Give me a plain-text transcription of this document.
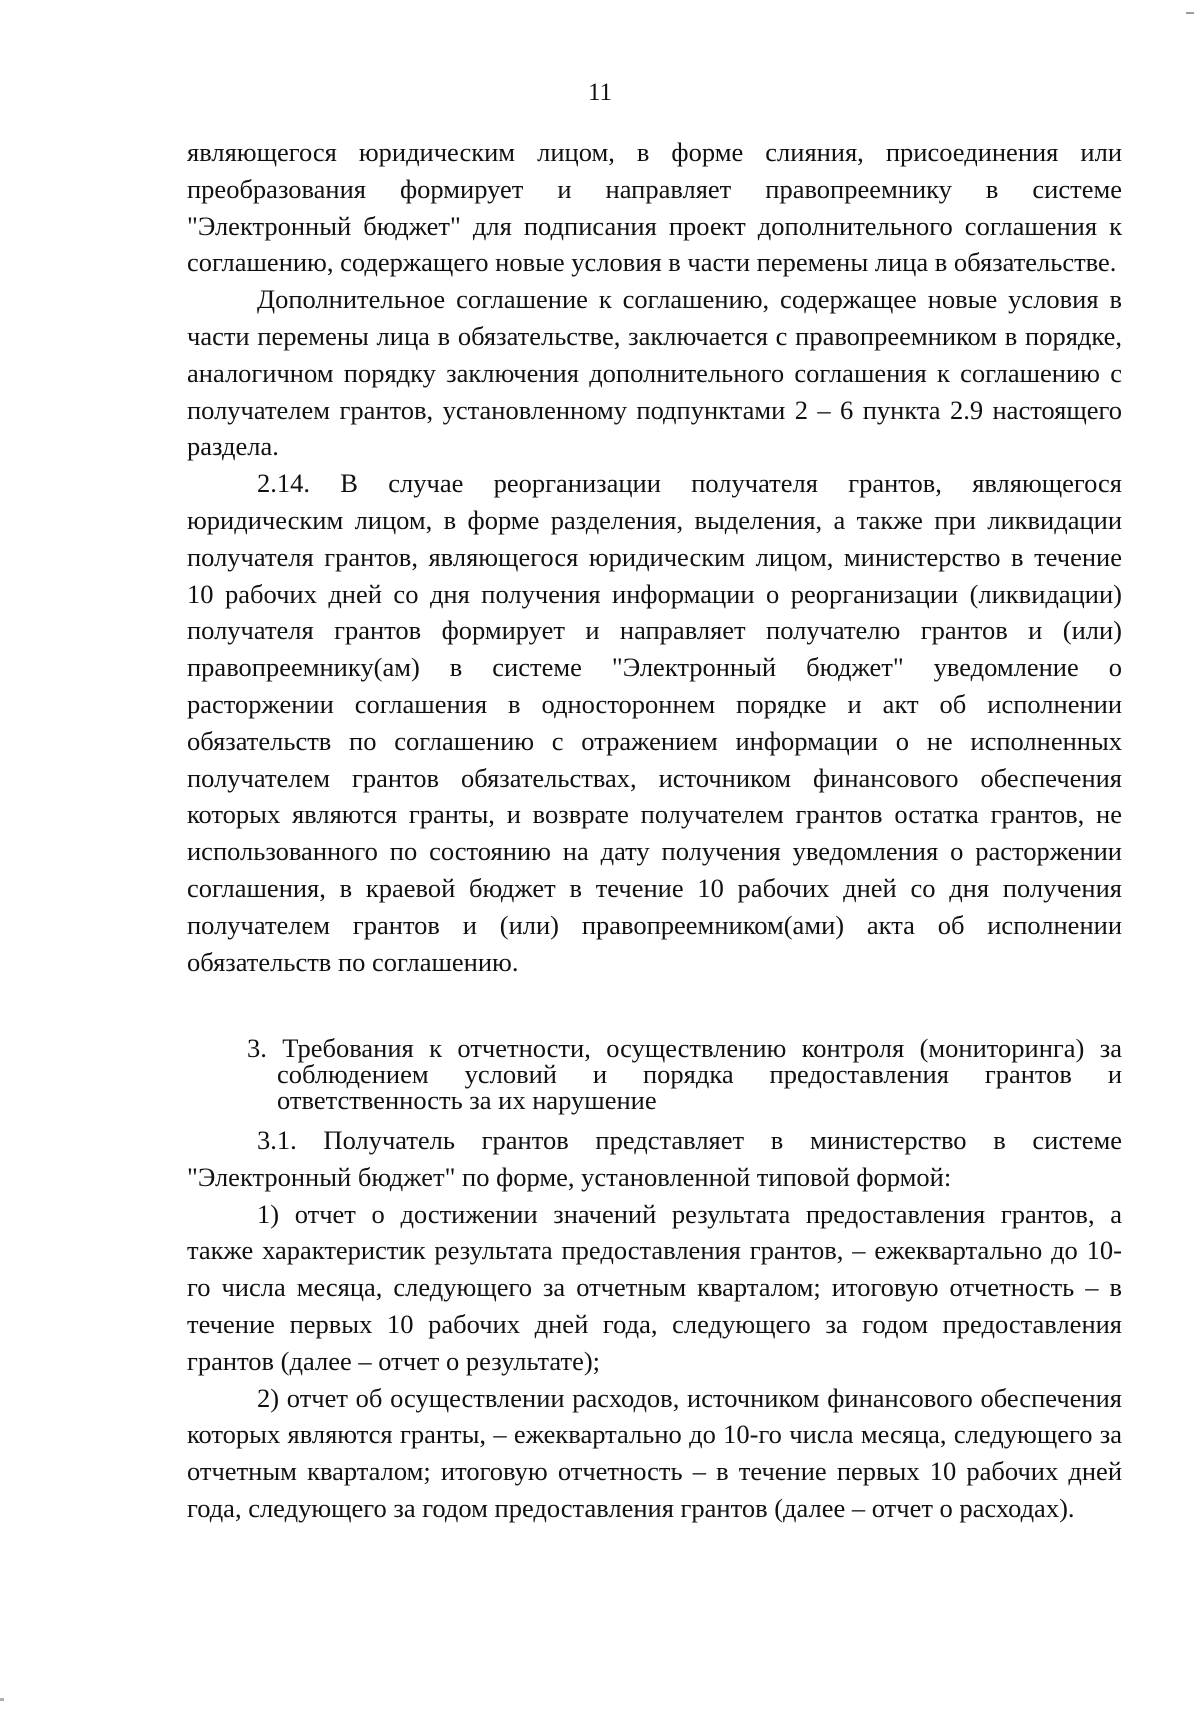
11

являющегося юридическим лицом, в форме слияния, присоединения или преобразования формирует и направляет правопреемнику в системе "Электронный бюджет" для подписания проект дополнительного соглашения к соглашению, содержащего новые условия в части перемены лица в обязательстве.

Дополнительное соглашение к соглашению, содержащее новые условия в части перемены лица в обязательстве, заключается с правопреемником в порядке, аналогичном порядку заключения дополнительного соглашения к соглашению с получателем грантов, установленному подпунктами 2 – 6 пункта 2.9 настоящего раздела.

2.14. В случае реорганизации получателя грантов, являющегося юридическим лицом, в форме разделения, выделения, а также при ликвидации получателя грантов, являющегося юридическим лицом, министерство в течение 10 рабочих дней со дня получения информации о реорганизации (ликвидации) получателя грантов формирует и направляет получателю грантов и (или) правопреемнику(ам) в системе "Электронный бюджет" уведомление о расторжении соглашения в одностороннем порядке и акт об исполнении обязательств по соглашению с отражением информации о не исполненных получателем грантов обязательствах, источником финансового обеспечения которых являются гранты, и возврате получателем грантов остатка грантов, не использованного по состоянию на дату получения уведомления о расторжении соглашения, в краевой бюджет в течение 10 рабочих дней со дня получения получателем грантов и (или) правопреемником(ами) акта об исполнении обязательств по соглашению.

3. Требования к отчетности, осуществлению контроля (мониторинга) за соблюдением условий и порядка предоставления грантов и ответственность за их нарушение

3.1. Получатель грантов представляет в министерство в системе "Электронный бюджет" по форме, установленной типовой формой:

1) отчет о достижении значений результата предоставления грантов, а также характеристик результата предоставления грантов, – ежеквартально до 10-го числа месяца, следующего за отчетным кварталом; итоговую отчетность – в течение первых 10 рабочих дней года, следующего за годом предоставления грантов (далее – отчет о результате);

2) отчет об осуществлении расходов, источником финансового обеспечения которых являются гранты, – ежеквартально до 10-го числа месяца, следующего за отчетным кварталом; итоговую отчетность – в течение первых 10 рабочих дней года, следующего за годом предоставления грантов (далее – отчет о расходах).
